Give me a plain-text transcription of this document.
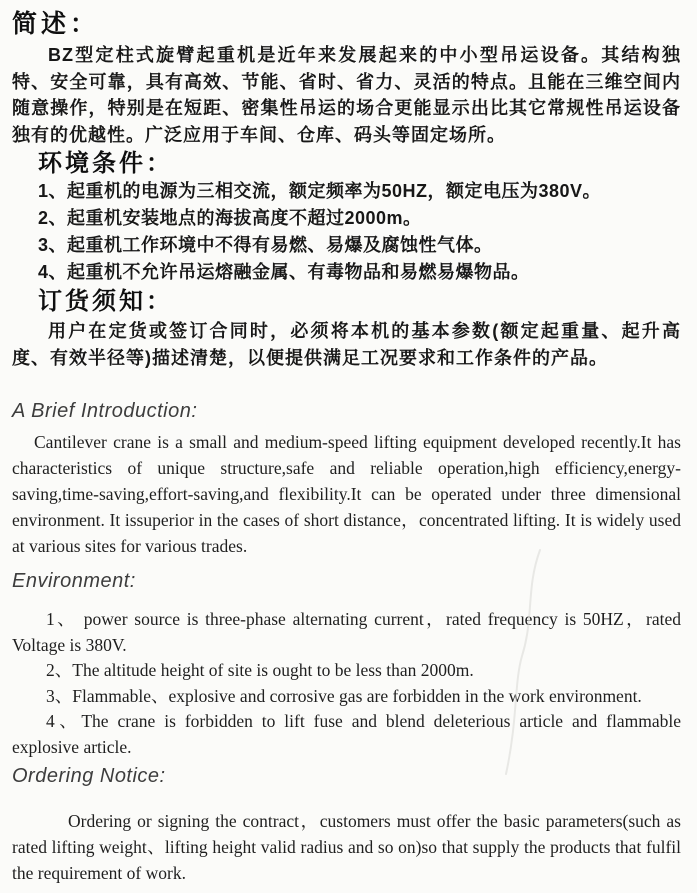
简述：

BZ型定柱式旋臂起重机是近年来发展起来的中小型吊运设备。其结构独特、安全可靠，具有高效、节能、省时、省力、灵活的特点。且能在三维空间内随意操作，特别是在短距、密集性吊运的场合更能显示出比其它常规性吊运设备独有的优越性。广泛应用于车间、仓库、码头等固定场所。

环境条件：

1、起重机的电源为三相交流，额定频率为50HZ，额定电压为380V。

2、起重机安装地点的海拔高度不超过2000m。

3、起重机工作环境中不得有易燃、易爆及腐蚀性气体。

4、起重机不允许吊运熔融金属、有毒物品和易燃易爆物品。

订货须知：

用户在定货或签订合同时，必须将本机的基本参数(额定起重量、起升高度、有效半径等)描述清楚，以便提供满足工况要求和工作条件的产品。

A Brief Introduction:

Cantilever crane is a small and medium-speed lifting equipment developed recently.It has characteristics of unique structure,safe and reliable operation,high efficiency,energy-saving,time-saving,effort-saving,and flexibility.It can be operated under three dimensional environment. It issuperior in the cases of short distance，concentrated lifting. It is widely used at various sites for various trades.

Environment:

1、 power source is three-phase alternating current，rated frequency is 50HZ，rated Voltage is 380V.

2、The altitude height of site is ought to be less than 2000m.

3、Flammable、explosive and corrosive gas are forbidden in the work environment.

4、The crane is forbidden to lift fuse and blend deleterious article and flammable explosive article.

Ordering Notice:

Ordering or signing the contract，customers must offer the basic parameters(such as rated lifting weight、lifting height valid radius and so on)so that supply the products that fulfil the requirement of work.
